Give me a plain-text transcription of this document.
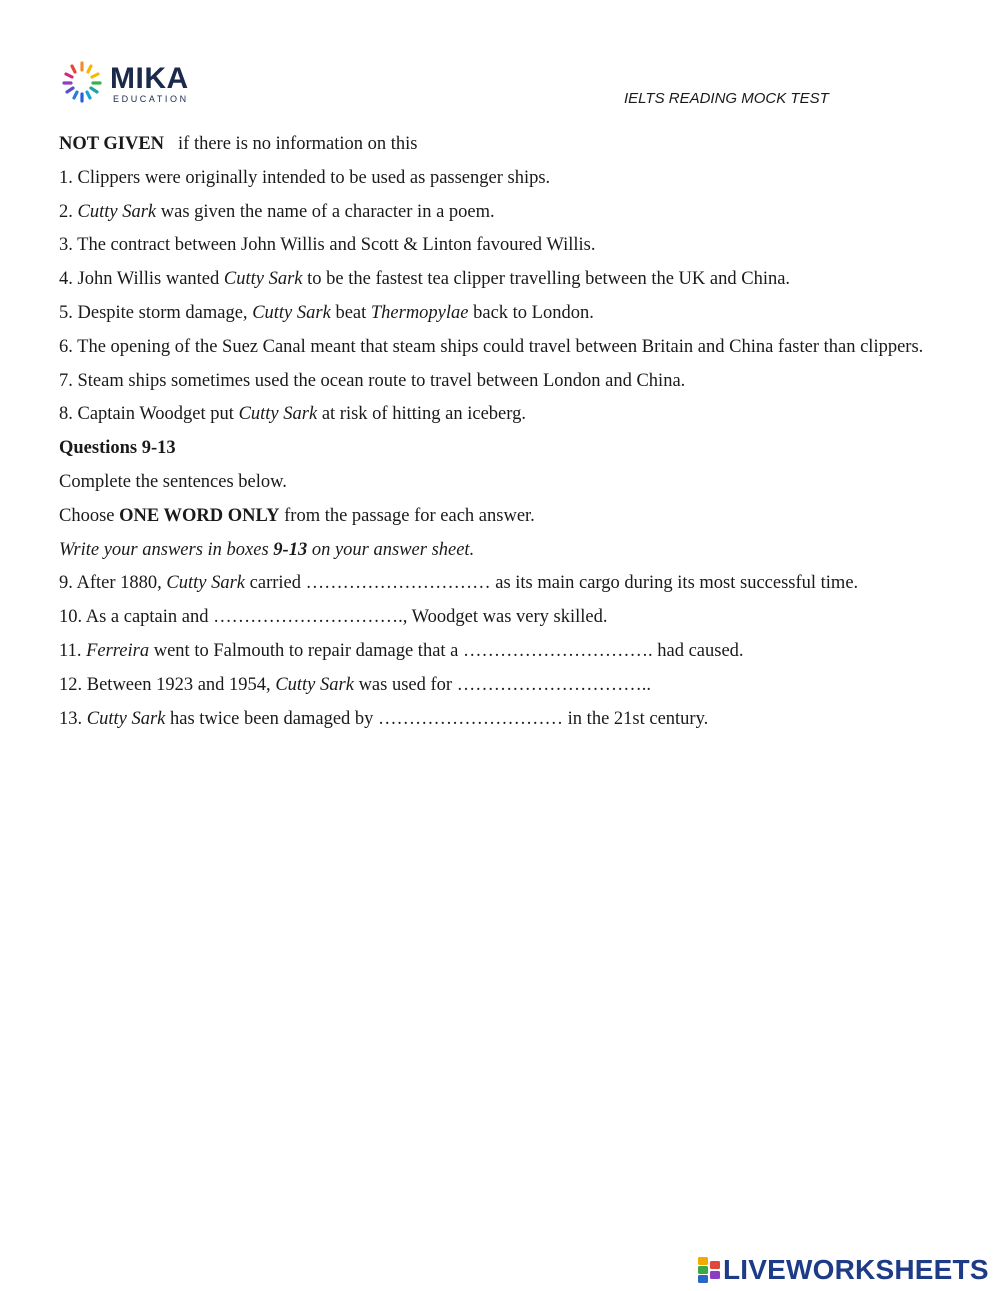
MIKA
EDUCATION	IELTS READING MOCK TEST

NOT GIVEN if there is no information on this

1. Clippers were originally intended to be used as passenger ships.

2. Cutty Sark was given the name of a character in a poem.

3. The contract between John Willis and Scott & Linton favoured Willis.

4. John Willis wanted Cutty Sark to be the fastest tea clipper travelling between the UK and China.

5. Despite storm damage, Cutty Sark beat Thermopylae back to London.

6. The opening of the Suez Canal meant that steam ships could travel between Britain and China faster than clippers.

7. Steam ships sometimes used the ocean route to travel between London and China.

8. Captain Woodget put Cutty Sark at risk of hitting an iceberg.

Questions 9-13

Complete the sentences below.

Choose ONE WORD ONLY from the passage for each answer.

Write your answers in boxes 9-13 on your answer sheet.

9. After 1880, Cutty Sark carried ………………………… as its main cargo during its most successful time.

10. As a captain and …………………………., Woodget was very skilled.

11. Ferreira went to Falmouth to repair damage that a …………………………. had caused.

12. Between 1923 and 1954, Cutty Sark was used for …………………………..

13. Cutty Sark has twice been damaged by ………………………… in the 21st century.

LIVEWORKSHEETS
